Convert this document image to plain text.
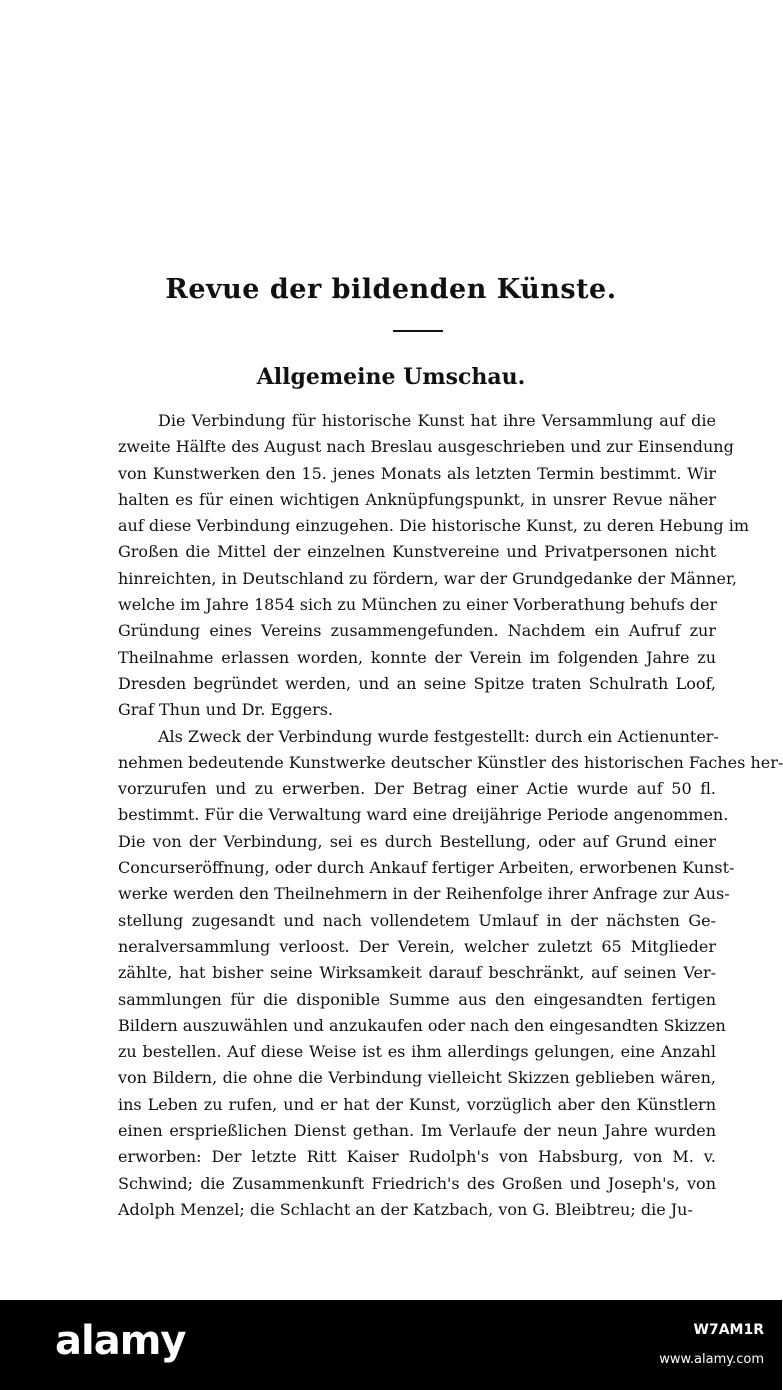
Revue der bildenden Künste.
Allgemeine Umschau.
Die Verbindung für historische Kunst hat ihre Versammlung auf die
zweite Hälfte des August nach Breslau ausgeschrieben und zur Einsendung
von Kunstwerken den 15. jenes Monats als letzten Termin bestimmt. Wir
halten es für einen wichtigen Anknüpfungspunkt, in unsrer Revue näher
auf diese Verbindung einzugehen. Die historische Kunst, zu deren Hebung im
Großen die Mittel der einzelnen Kunstvereine und Privatpersonen nicht
hinreichten, in Deutschland zu fördern, war der Grundgedanke der Männer,
welche im Jahre 1854 sich zu München zu einer Vorberathung behufs der
Gründung eines Vereins zusammengefunden. Nachdem ein Aufruf zur
Theilnahme erlassen worden, konnte der Verein im folgenden Jahre zu
Dresden begründet werden, und an seine Spitze traten Schulrath Loof,
Graf Thun und Dr. Eggers.
Als Zweck der Verbindung wurde festgestellt: durch ein Actienunter-
nehmen bedeutende Kunstwerke deutscher Künstler des historischen Faches her-
vorzurufen und zu erwerben. Der Betrag einer Actie wurde auf 50 fl.
bestimmt. Für die Verwaltung ward eine dreijährige Periode angenommen.
Die von der Verbindung, sei es durch Bestellung, oder auf Grund einer
Concurseröffnung, oder durch Ankauf fertiger Arbeiten, erworbenen Kunst-
werke werden den Theilnehmern in der Reihenfolge ihrer Anfrage zur Aus-
stellung zugesandt und nach vollendetem Umlauf in der nächsten Ge-
neralversammlung verloost. Der Verein, welcher zuletzt 65 Mitglieder
zählte, hat bisher seine Wirksamkeit darauf beschränkt, auf seinen Ver-
sammlungen für die disponible Summe aus den eingesandten fertigen
Bildern auszuwählen und anzukaufen oder nach den eingesandten Skizzen
zu bestellen. Auf diese Weise ist es ihm allerdings gelungen, eine Anzahl
von Bildern, die ohne die Verbindung vielleicht Skizzen geblieben wären,
ins Leben zu rufen, und er hat der Kunst, vorzüglich aber den Künstlern
einen ersprießlichen Dienst gethan. Im Verlaufe der neun Jahre wurden
erworben: Der letzte Ritt Kaiser Rudolph's von Habsburg, von M. v.
Schwind; die Zusammenkunft Friedrich's des Großen und Joseph's, von
Adolph Menzel; die Schlacht an der Katzbach, von G. Bleibtreu; die Ju-
alamy	W7AM1R
www.alamy.com
